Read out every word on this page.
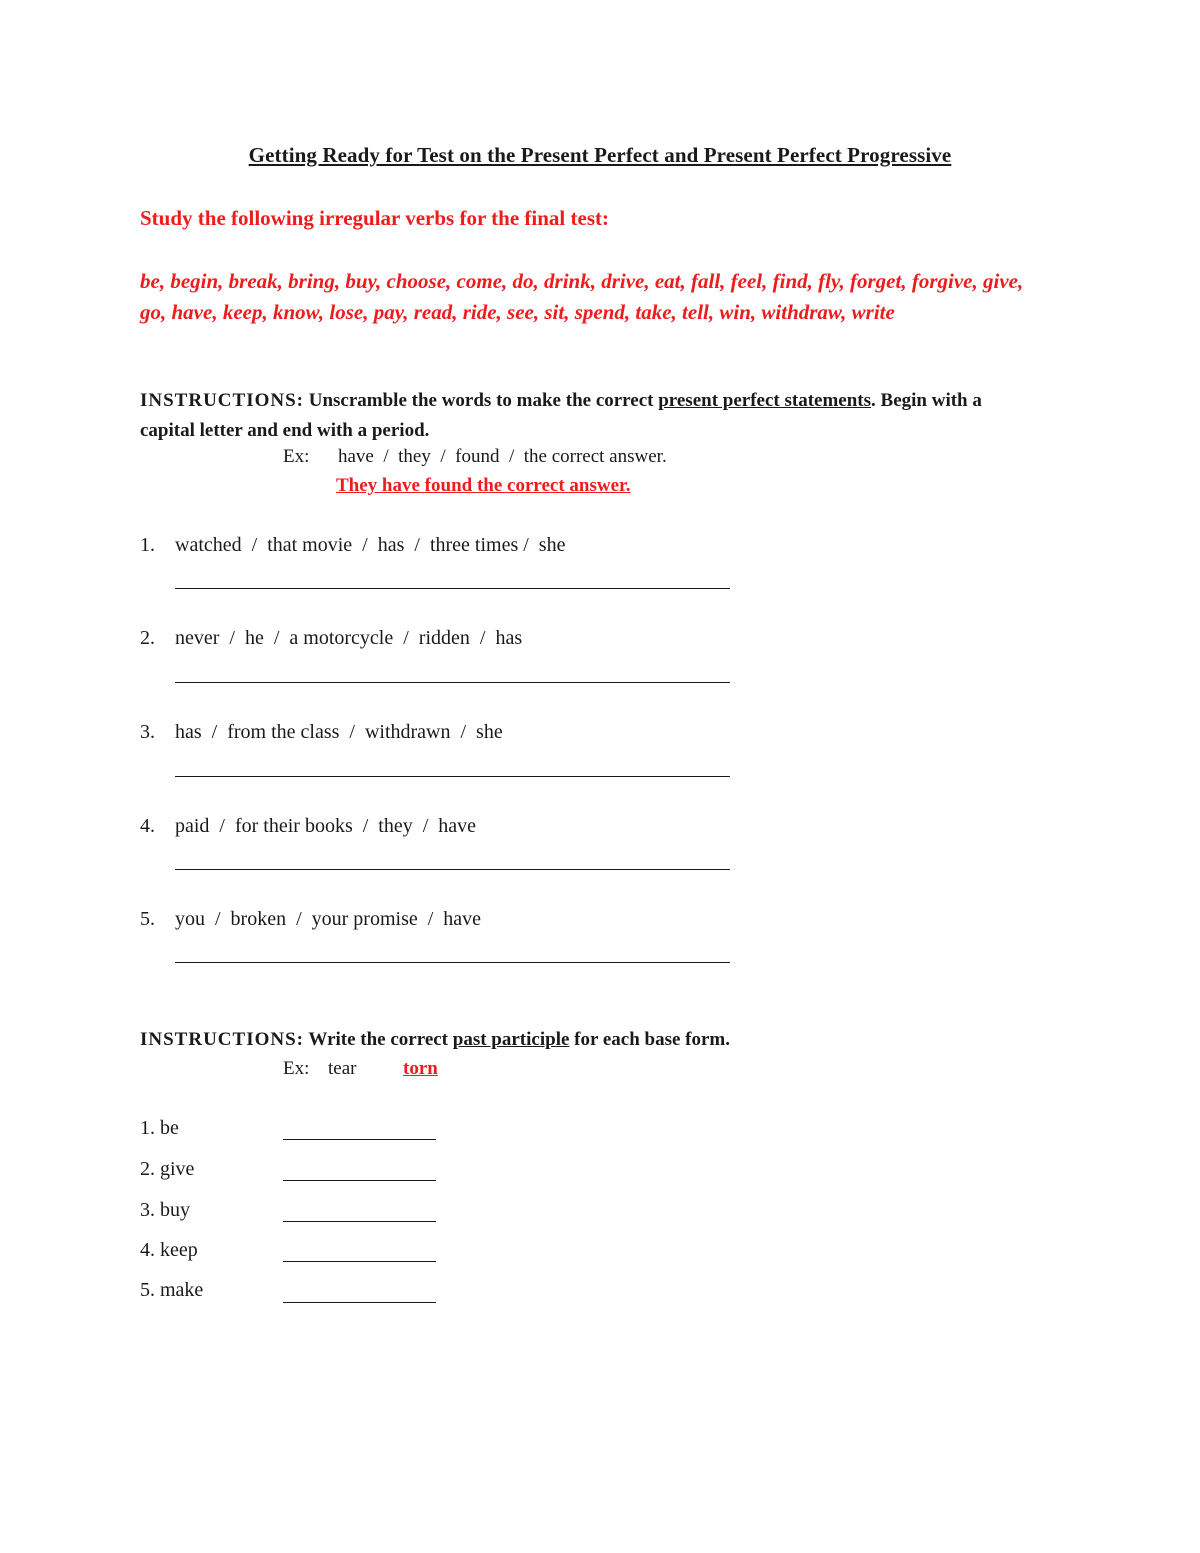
Getting Ready for Test on the Present Perfect and Present Perfect Progressive
Study the following irregular verbs for the final test:
be, begin, break, bring, buy, choose, come, do, drink, drive, eat, fall, feel, find, fly, forget, forgive, give, go, have, keep, know, lose, pay, read, ride, see, sit, spend, take, tell, win, withdraw, write
INSTRUCTIONS: Unscramble the words to make the correct present perfect statements. Begin with a capital letter and end with a period.
Ex: have  /  they  /  found  /  the correct answer.
They have found the correct answer.
1. watched  /  that movie  /  has  /  three times /  she
2. never  /  he  /  a motorcycle  /  ridden  /  has
3. has  /  from the class  /  withdrawn  /  she
4. paid  /  for their books  /  they  /  have
5. you  /  broken  /  your promise  /  have
INSTRUCTIONS: Write the correct past participle for each base form.
Ex: tear torn
1. be
2. give
3. buy
4. keep
5. make
